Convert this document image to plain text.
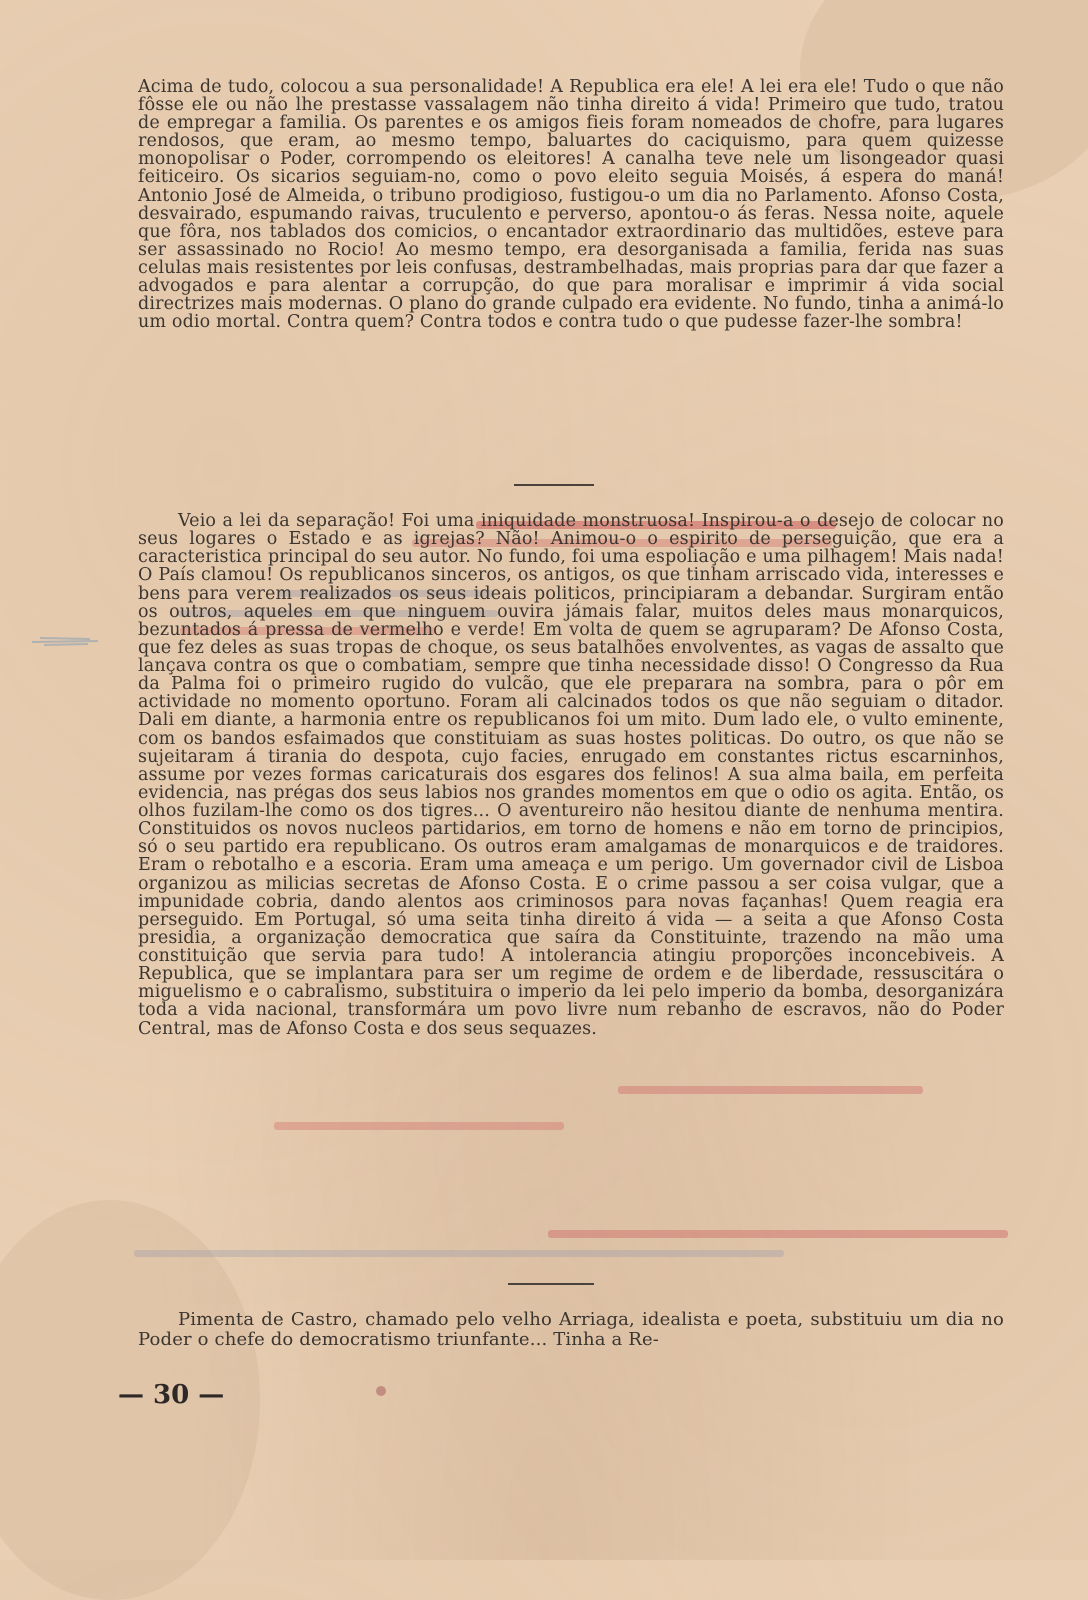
Acima de tudo, colocou a sua personalidade! A Republica era ele! A lei era ele! Tudo o que não fôsse ele ou não lhe prestasse vassalagem não tinha direito á vida! Primeiro que tudo, tratou de empregar a familia. Os parentes e os amigos fieis foram nomeados de chofre, para lugares rendosos, que eram, ao mesmo tempo, baluartes do caciquismo, para quem quizesse monopolisar o Poder, corrompendo os eleitores! A canalha teve nele um lisongeador quasi feiticeiro. Os sicarios seguiam-no, como o povo eleito seguia Moisés, á espera do maná! Antonio José de Almeida, o tribuno prodigioso, fustigou-o um dia no Parlamento. Afonso Costa, desvairado, espumando raivas, truculento e perverso, apontou-o ás feras. Nessa noite, aquele que fôra, nos tablados dos comicios, o encantador extraordinario das multidões, esteve para ser assassinado no Rocio! Ao mesmo tempo, era desorganisada a familia, ferida nas suas celulas mais resistentes por leis confusas, destrambelhadas, mais proprias para dar que fazer a advogados e para alentar a corrupção, do que para moralisar e imprimir á vida social directrizes mais modernas. O plano do grande culpado era evidente. No fundo, tinha a animá-lo um odio mortal. Contra quem? Contra todos e contra tudo o que pudesse fazer-lhe sombra!

Veio a lei da separação! Foi uma iniquidade monstruosa! Inspirou-a o desejo de colocar no seus logares o Estado e as igrejas? Não! Animou-o o espirito de perseguição, que era a caracteristica principal do seu autor. No fundo, foi uma espoliação e uma pilhagem! Mais nada! O País clamou! Os republicanos sinceros, os antigos, os que tinham arriscado vida, interesses e bens para verem realizados os seus ideais politicos, principiaram a debandar. Surgiram então os outros, aqueles em que ninguem ouvira jámais falar, muitos deles maus monarquicos, bezuntados á pressa de vermelho e verde! Em volta de quem se agruparam? De Afonso Costa, que fez deles as suas tropas de choque, os seus batalhões envolventes, as vagas de assalto que lançava contra os que o combatiam, sempre que tinha necessidade disso! O Congresso da Rua da Palma foi o primeiro rugido do vulcão, que ele preparara na sombra, para o pôr em actividade no momento oportuno. Foram ali calcinados todos os que não seguiam o ditador. Dali em diante, a harmonia entre os republicanos foi um mito. Dum lado ele, o vulto eminente, com os bandos esfaimados que constituiam as suas hostes politicas. Do outro, os que não se sujeitaram á tirania do despota, cujo facies, enrugado em constantes rictus escarninhos, assume por vezes formas caricaturais dos esgares dos felinos! A sua alma baila, em perfeita evidencia, nas prégas dos seus labios nos grandes momentos em que o odio os agita. Então, os olhos fuzilam-lhe como os dos tigres... O aventureiro não hesitou diante de nenhuma mentira. Constituidos os novos nucleos partidarios, em torno de homens e não em torno de principios, só o seu partido era republicano. Os outros eram amalgamas de monarquicos e de traidores. Eram o rebotalho e a escoria. Eram uma ameaça e um perigo. Um governador civil de Lisboa organizou as milicias secretas de Afonso Costa. E o crime passou a ser coisa vulgar, que a impunidade cobria, dando alentos aos criminosos para novas façanhas! Quem reagia era perseguido. Em Portugal, só uma seita tinha direito á vida — a seita a que Afonso Costa presidia, a organização democratica que saíra da Constituinte, trazendo na mão uma constituição que servia para tudo! A intolerancia atingiu proporções inconcebiveis. A Republica, que se implantara para ser um regime de ordem e de liberdade, ressuscitára o miguelismo e o cabralismo, substituira o imperio da lei pelo imperio da bomba, desorganizára toda a vida nacional, transformára um povo livre num rebanho de escravos, não do Poder Central, mas de Afonso Costa e dos seus sequazes.

Pimenta de Castro, chamado pelo velho Arriaga, idealista e poeta, substituiu um dia no Poder o chefe do democratismo triunfante... Tinha a Re-

— 30 —
